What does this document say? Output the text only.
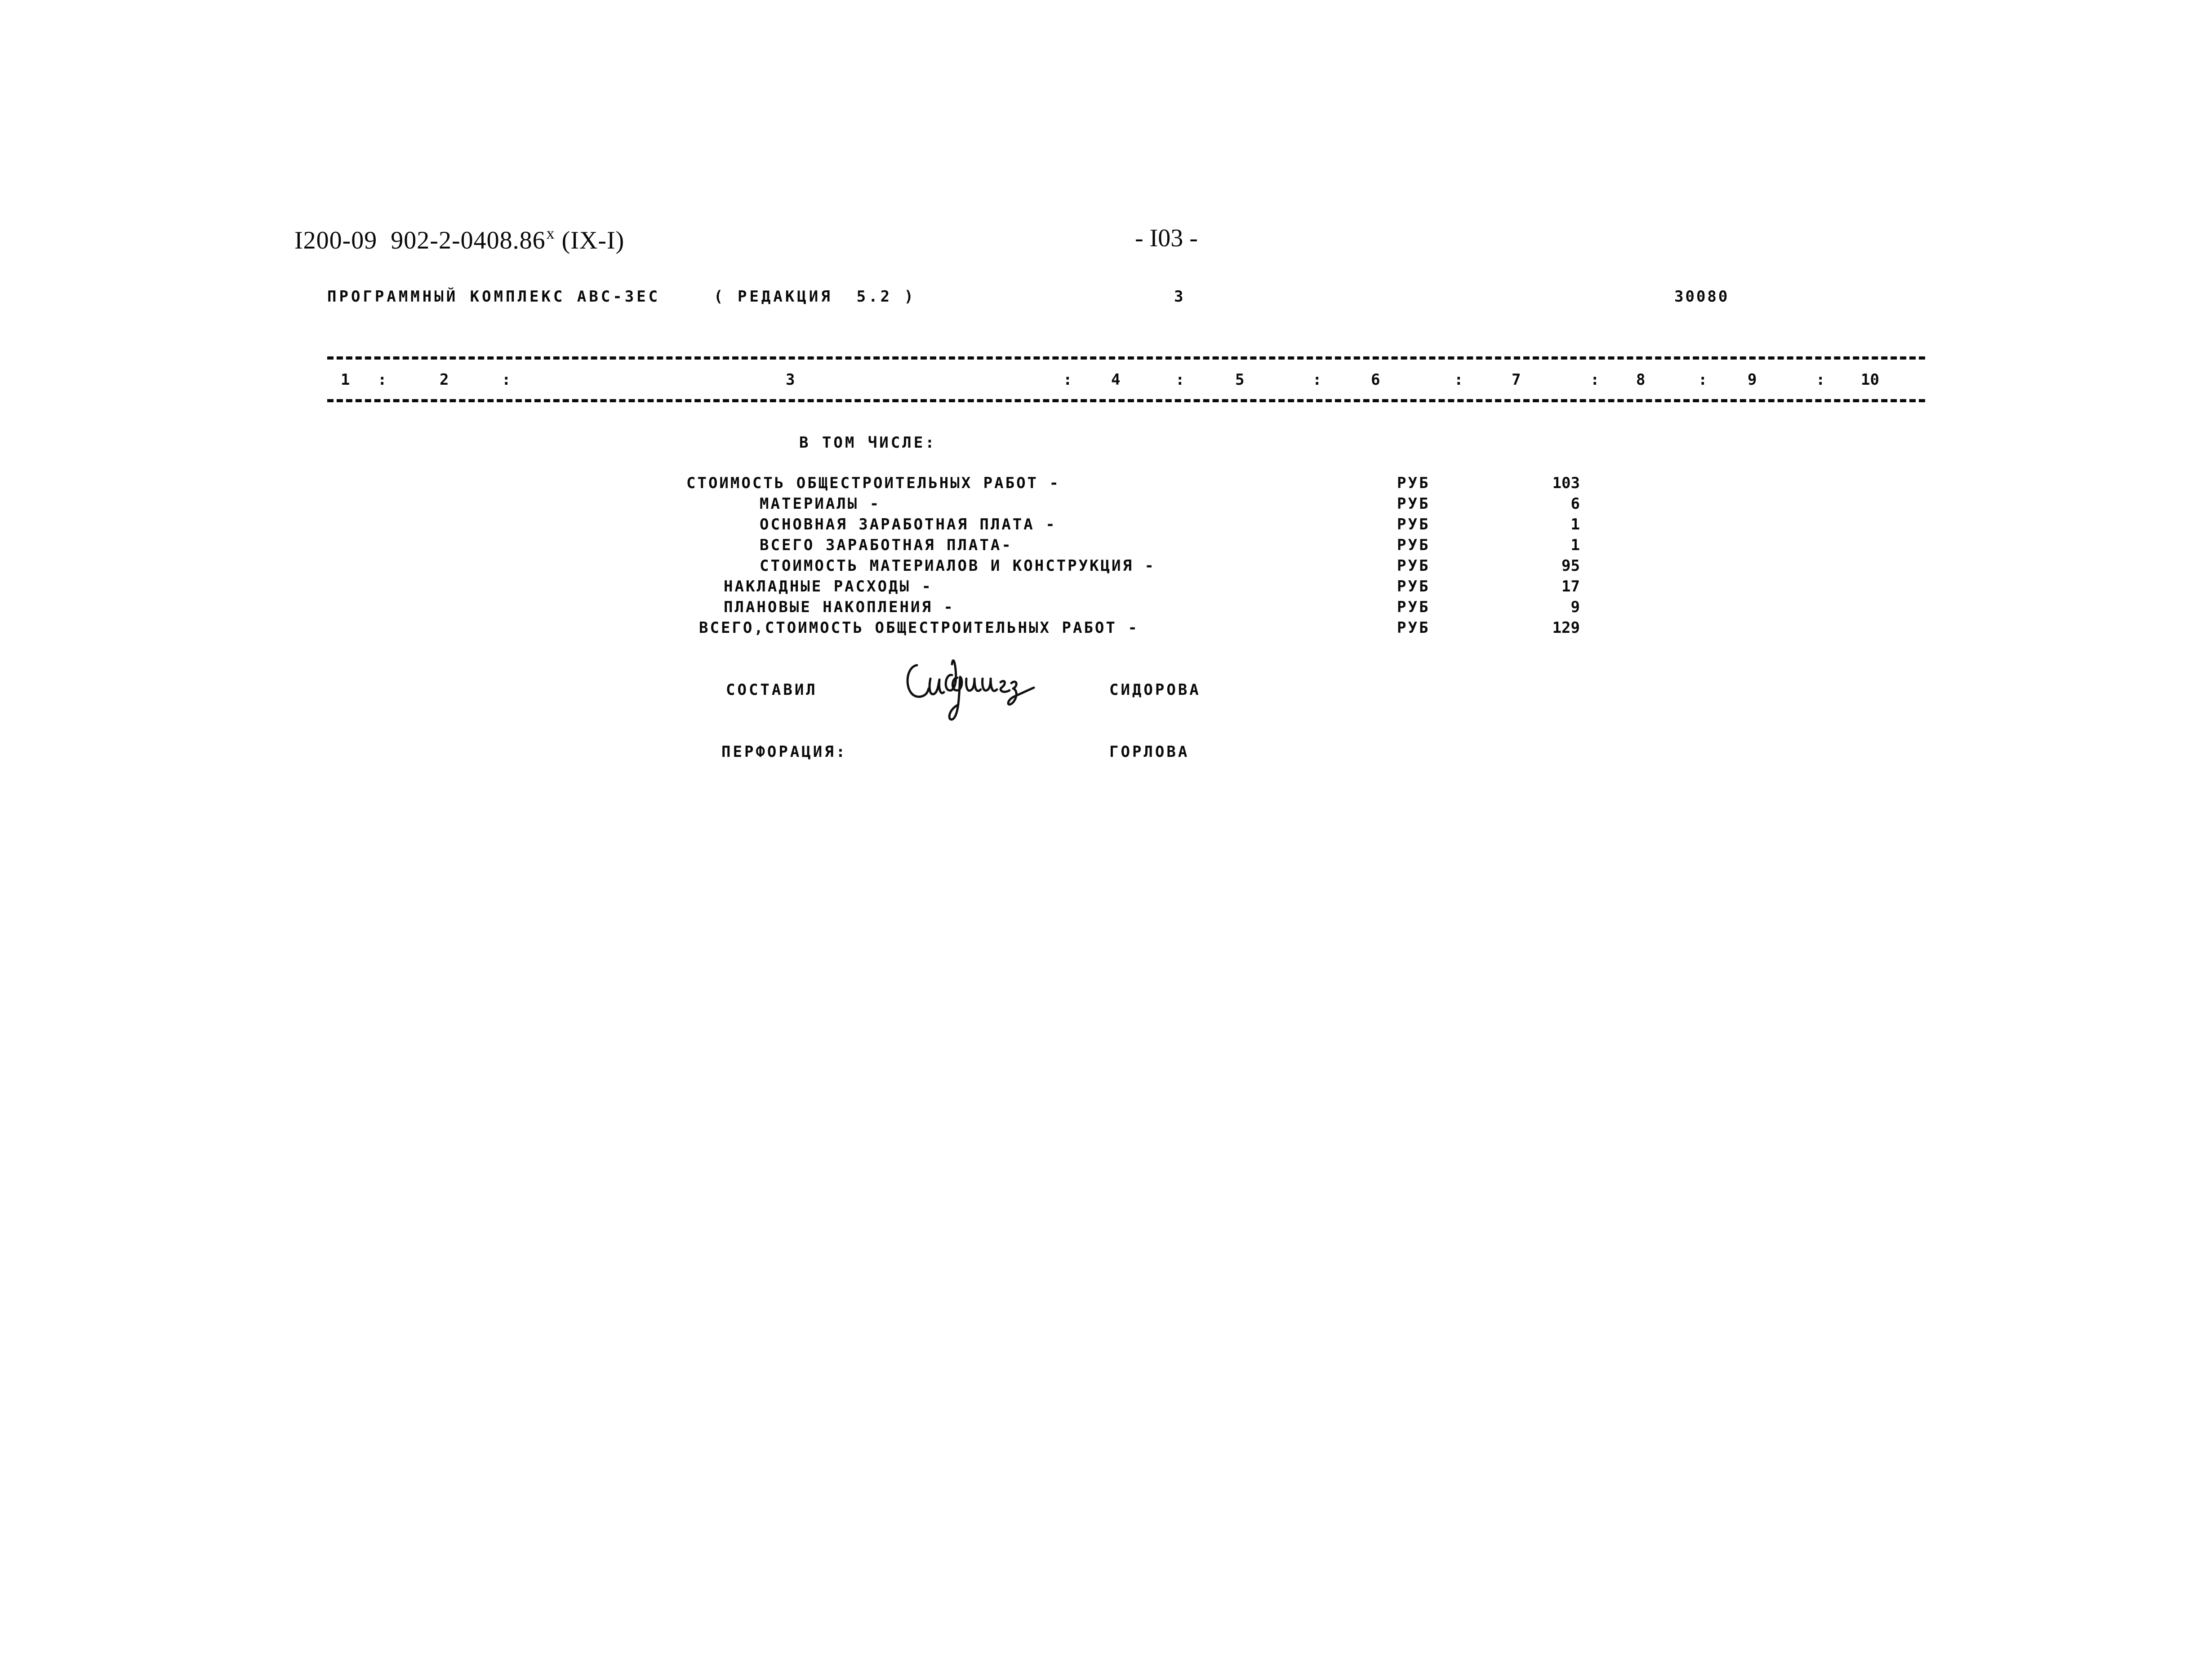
I200-09  902-2-0408.86$^x$ (IX-I)	- I03 -
ПРОГРАММНЫЙ КОМПЛЕКС АВС-3ЕС	( РЕДАКЦИЯ  5.2 )	3	30080
1 :	2	:	3	:	4	:	5	:	6	:	7	: 8	:	9	: 10
В ТОМ ЧИСЛЕ:
СТОИМОСТЬ ОБЩЕСТРОИТЕЛЬНЫХ РАБОТ -	РУБ	103
МАТЕРИАЛЫ -	РУБ	6
ОСНОВНАЯ ЗАРАБОТНАЯ ПЛАТА -	РУБ	1
ВСЕГО ЗАРАБОТНАЯ ПЛАТА-	РУБ	1
СТОИМОСТЬ МАТЕРИАЛОВ И КОНСТРУКЦИЯ -	РУБ	95
НАКЛАДНЫЕ РАСХОДЫ -	РУБ	17
ПЛАНОВЫЕ НАКОПЛЕНИЯ -	РУБ	9
ВСЕГО,СТОИМОСТЬ ОБЩЕСТРОИТЕЛЬНЫХ РАБОТ -	РУБ	129
СОСТАВИЛ	СИДОРОВА
ПЕРФОРАЦИЯ:	ГОРЛОВА
